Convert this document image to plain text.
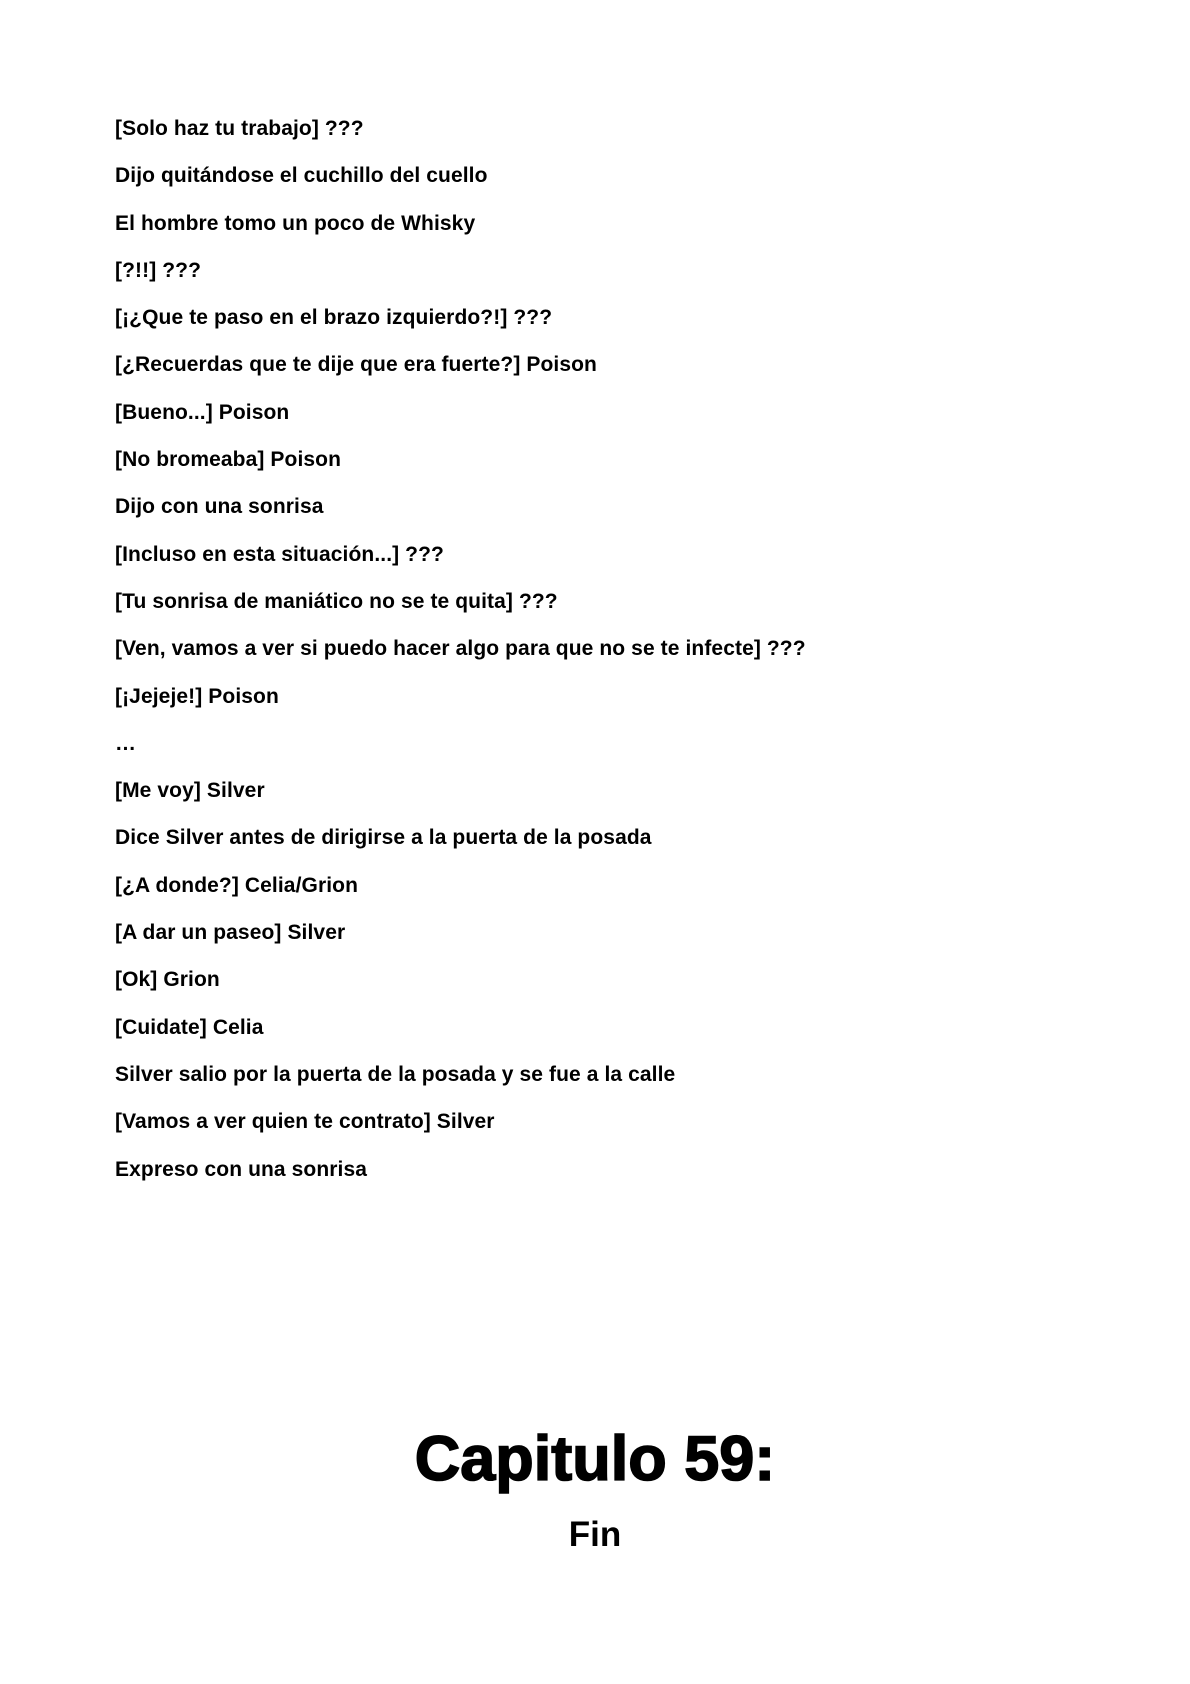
[Solo haz tu trabajo] ???
Dijo quitándose el cuchillo del cuello
El hombre tomo un poco de Whisky
[?!!] ???
[¡¿Que te paso en el brazo izquierdo?!] ???
[¿Recuerdas que te dije que era fuerte?] Poison
[Bueno...] Poison
[No bromeaba] Poison
Dijo con una sonrisa
[Incluso en esta situación...] ???
[Tu sonrisa de maniático no se te quita] ???
[Ven, vamos a ver si puedo hacer algo para que no se te infecte] ???
[¡Jejeje!] Poison
…
[Me voy] Silver
Dice Silver antes de dirigirse a la puerta de la posada
[¿A donde?] Celia/Grion
[A dar un paseo] Silver
[Ok] Grion
[Cuidate] Celia
Silver salio por la puerta de la posada y se fue a la calle
[Vamos a ver quien te contrato] Silver
Expreso con una sonrisa
Capitulo 59:
Fin
